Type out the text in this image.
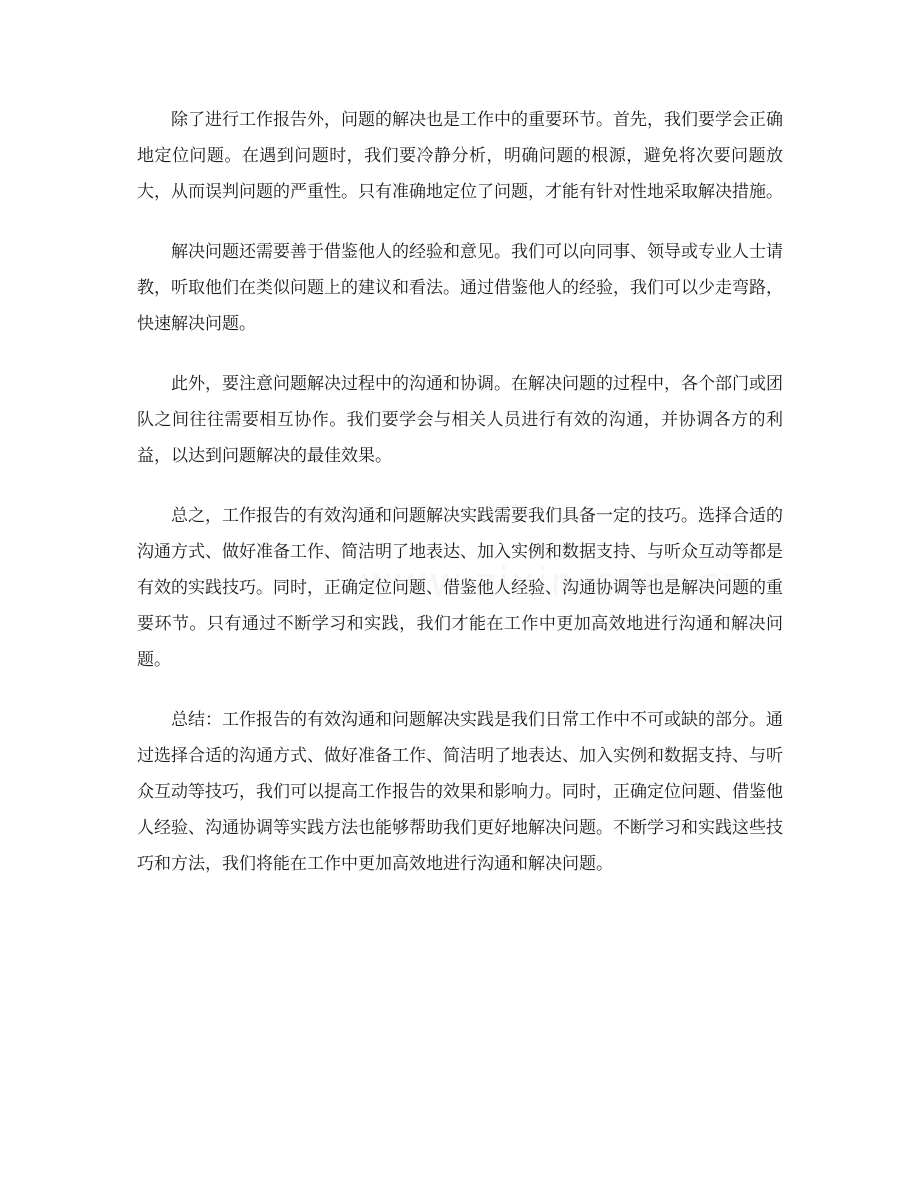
除了进行工作报告外，问题的解决也是工作中的重要环节。首先，我们要学会正确地定位问题。在遇到问题时，我们要冷静分析，明确问题的根源，避免将次要问题放大，从而误判问题的严重性。只有准确地定位了问题，才能有针对性地采取解决措施。

解决问题还需要善于借鉴他人的经验和意见。我们可以向同事、领导或专业人士请教，听取他们在类似问题上的建议和看法。通过借鉴他人的经验，我们可以少走弯路，快速解决问题。

此外，要注意问题解决过程中的沟通和协调。在解决问题的过程中，各个部门或团队之间往往需要相互协作。我们要学会与相关人员进行有效的沟通，并协调各方的利益，以达到问题解决的最佳效果。

总之，工作报告的有效沟通和问题解决实践需要我们具备一定的技巧。选择合适的沟通方式、做好准备工作、简洁明了地表达、加入实例和数据支持、与听众互动等都是有效的实践技巧。同时，正确定位问题、借鉴他人经验、沟通协调等也是解决问题的重要环节。只有通过不断学习和实践，我们才能在工作中更加高效地进行沟通和解决问题。

总结：工作报告的有效沟通和问题解决实践是我们日常工作中不可或缺的部分。通过选择合适的沟通方式、做好准备工作、简洁明了地表达、加入实例和数据支持、与听众互动等技巧，我们可以提高工作报告的效果和影响力。同时，正确定位问题、借鉴他人经验、沟通协调等实践方法也能够帮助我们更好地解决问题。不断学习和实践这些技巧和方法，我们将能在工作中更加高效地进行沟通和解决问题。
